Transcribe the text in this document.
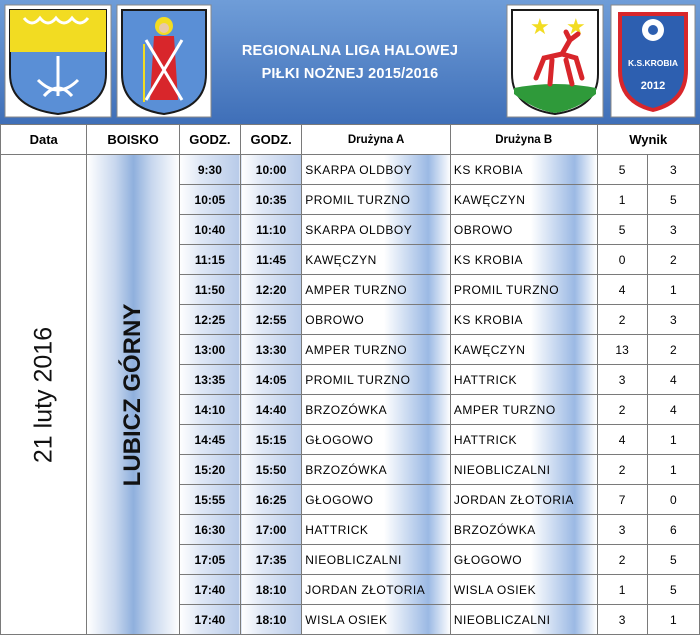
REGIONALNA LIGA HALOWEJ
PIŁKI NOŻNEJ 2015/2016
★ ★
K.S.KROBIA
2012
Data	BOISKO	GODZ.	GODZ.	Drużyna A	Drużyna B	Wynik	

21 luty 2016	LUBICZ GÓRNY	9:30	10:00	SKARPA OLDBOY	KS KROBIA	5	3
		10:05	10:35	PROMIL TURZNO	KAWĘCZYN	1	5
		10:40	11:10	SKARPA OLDBOY	OBROWO	5	3
		11:15	11:45	KAWĘCZYN	KS KROBIA	0	2
		11:50	12:20	AMPER TURZNO	PROMIL TURZNO	4	1
		12:25	12:55	OBROWO	KS KROBIA	2	3
		13:00	13:30	AMPER TURZNO	KAWĘCZYN	13	2
		13:35	14:05	PROMIL TURZNO	HATTRICK	3	4
		14:10	14:40	BRZOZÓWKA	AMPER TURZNO	2	4
		14:45	15:15	GŁOGOWO	HATTRICK	4	1
		15:20	15:50	BRZOZÓWKA	NIEOBLICZALNI	2	1
		15:55	16:25	GŁOGOWO	JORDAN ZŁOTORIA	7	0
		16:30	17:00	HATTRICK	BRZOZÓWKA	3	6
		17:05	17:35	NIEOBLICZALNI	GŁOGOWO	2	5
		17:40	18:10	JORDAN ZŁOTORIA	WISLA OSIEK	1	5
		17:40	18:10	WISLA OSIEK	NIEOBLICZALNI	3	1
